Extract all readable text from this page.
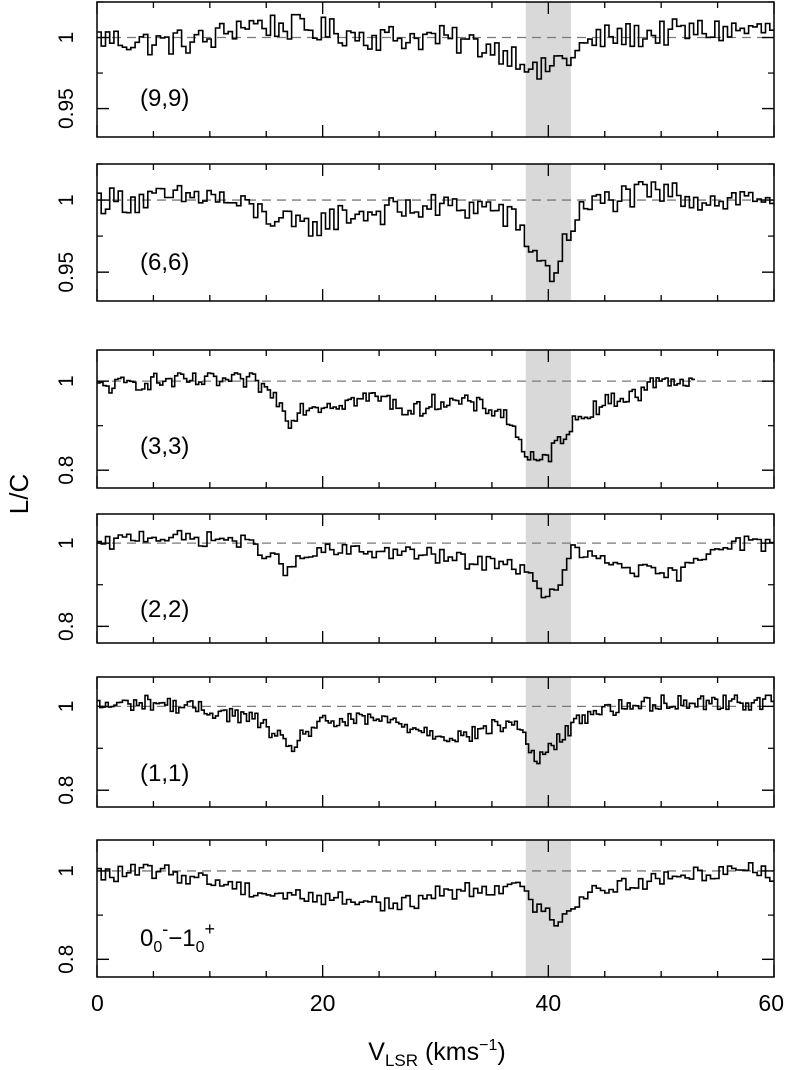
0.95
1
(9,9)
0.95
1
(6,6)
0.8
1
(3,3)
0.8
1
(2,2)
0.8
1
(1,1)
0.8
1
0	20	40	60
$0_0^--1_0^+$
L/C
$V_{LSR}$ (kms$^{-1}$)
